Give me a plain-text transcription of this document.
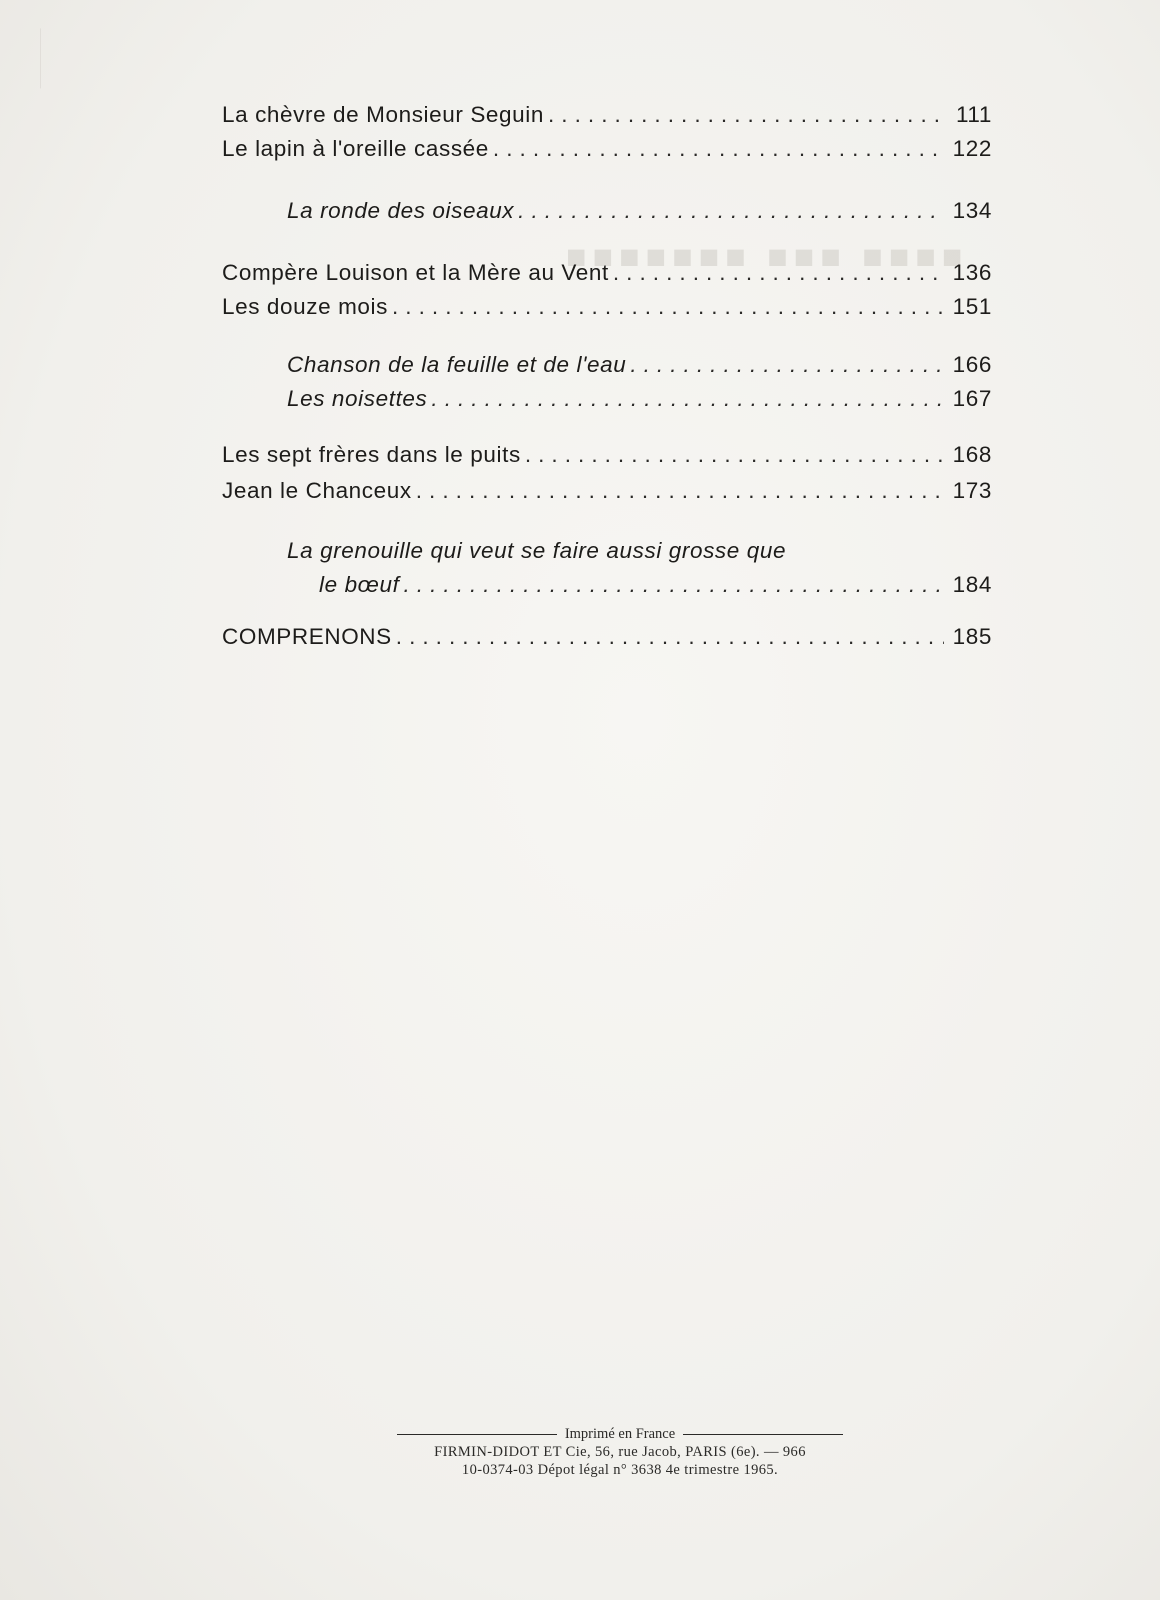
■■■■ ■■■ ■■■■■■■
La chèvre de Monsieur Seguin . . .	111
Le lapin à l'oreille cassée . . .	122
La ronde des oiseaux . . .	134
Compère Louison et la Mère au Vent . . .	136
Les douze mois . . .	151
Chanson de la feuille et de l'eau . . .	166
Les noisettes . . .	167
Les sept frères dans le puits . . .	168
Jean le Chanceux . . .	173
La grenouille qui veut se faire aussi grosse que
le bœuf . . .	184
COMPRENONS . . .	185
Imprimé en France
FIRMIN-DIDOT ET Cie, 56, rue Jacob, PARIS (6e). — 966
10-0374-03 Dépot légal n° 3638 4e trimestre 1965.
